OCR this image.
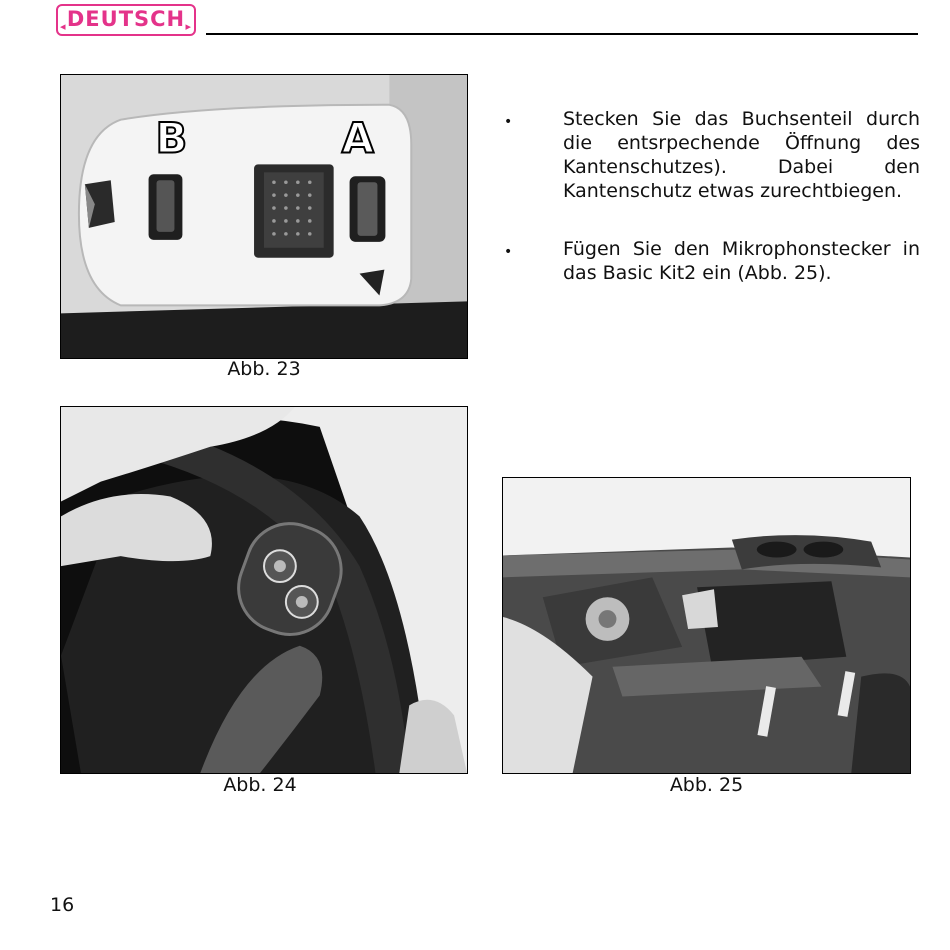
DEUTSCH
◂	▸
B	A
Abb. 23
•	Stecken Sie das Buchsenteil durch die entsrpechende Öffnung des Kantenschutzes). Dabei den Kantenschutz etwas zurechtbiegen.
•	Fügen Sie den Mikrophonstecker in das Basic Kit2 ein (Abb. 25).
Abb. 24	Abb. 25
16
